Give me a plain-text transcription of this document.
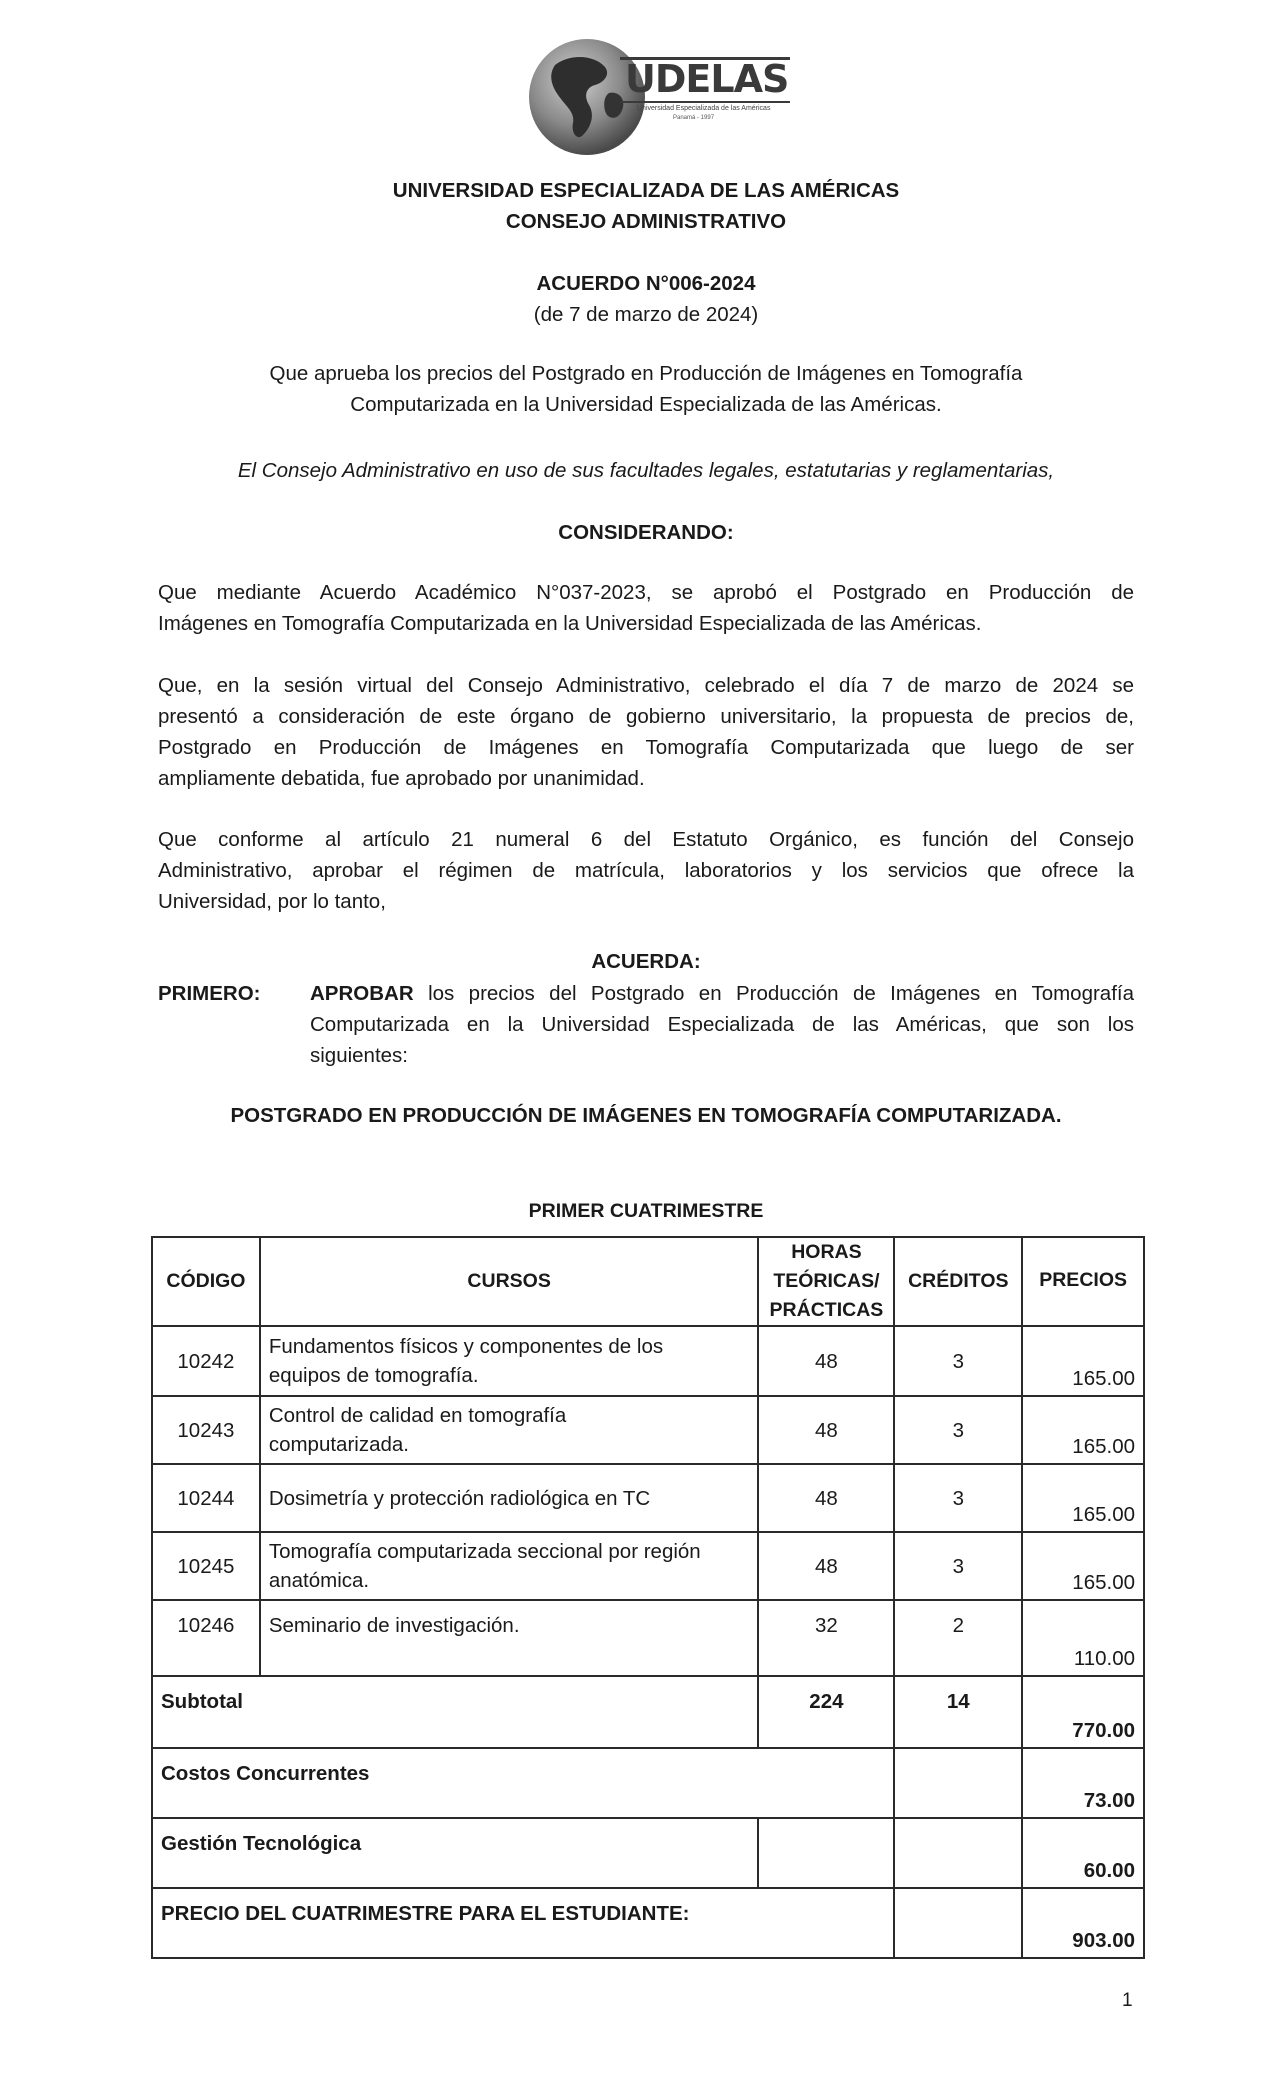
UDELAS
Universidad Especializada de las Américas
Panamá - 1997
UNIVERSIDAD ESPECIALIZADA DE LAS AMÉRICAS
CONSEJO ADMINISTRATIVO
ACUERDO N°006-2024
(de 7 de marzo de 2024)
Que aprueba los precios del Postgrado en Producción de Imágenes en Tomografía
Computarizada en la Universidad Especializada de las Américas.
El Consejo Administrativo en uso de sus facultades legales, estatutarias y reglamentarias,
CONSIDERANDO:
Que mediante Acuerdo Académico N°037-2023, se aprobó el Postgrado en Producción de
Imágenes en Tomografía Computarizada en la Universidad Especializada de las Américas.
Que, en la sesión virtual del Consejo Administrativo, celebrado el día 7 de marzo de 2024 se
presentó a consideración de este órgano de gobierno universitario, la propuesta de precios de,
Postgrado en Producción de Imágenes en Tomografía Computarizada que luego de ser
ampliamente debatida, fue aprobado por unanimidad.
Que conforme al artículo 21 numeral 6 del Estatuto Orgánico, es función del Consejo
Administrativo, aprobar el régimen de matrícula, laboratorios y los servicios que ofrece la
Universidad, por lo tanto,
ACUERDA:
PRIMERO: APROBAR los precios del Postgrado en Producción de Imágenes en Tomografía
Computarizada en la Universidad Especializada de las Américas, que son los
siguientes:
POSTGRADO EN PRODUCCIÓN DE IMÁGENES EN TOMOGRAFÍA COMPUTARIZADA.
PRIMER CUATRIMESTRE
CÓDIGO	CURSOS	HORAS
TEÓRICAS/
PRÁCTICAS	CRÉDITOS	PRECIOS
10242	Fundamentos físicos y componentes de los
equipos de tomografía.	48	3	165.00
10243	Control de calidad en tomografía
computarizada.	48	3	165.00
10244	Dosimetría y protección radiológica en TC	48	3	165.00
10245	Tomografía computarizada seccional por región
anatómica.	48	3	165.00
10246	Seminario de investigación.	32	2	110.00
Subtotal		224	14	770.00
Costos Concurrentes				73.00
Gestión Tecnológica				60.00
PRECIO DEL CUATRIMESTRE PARA EL ESTUDIANTE:				903.00
1
